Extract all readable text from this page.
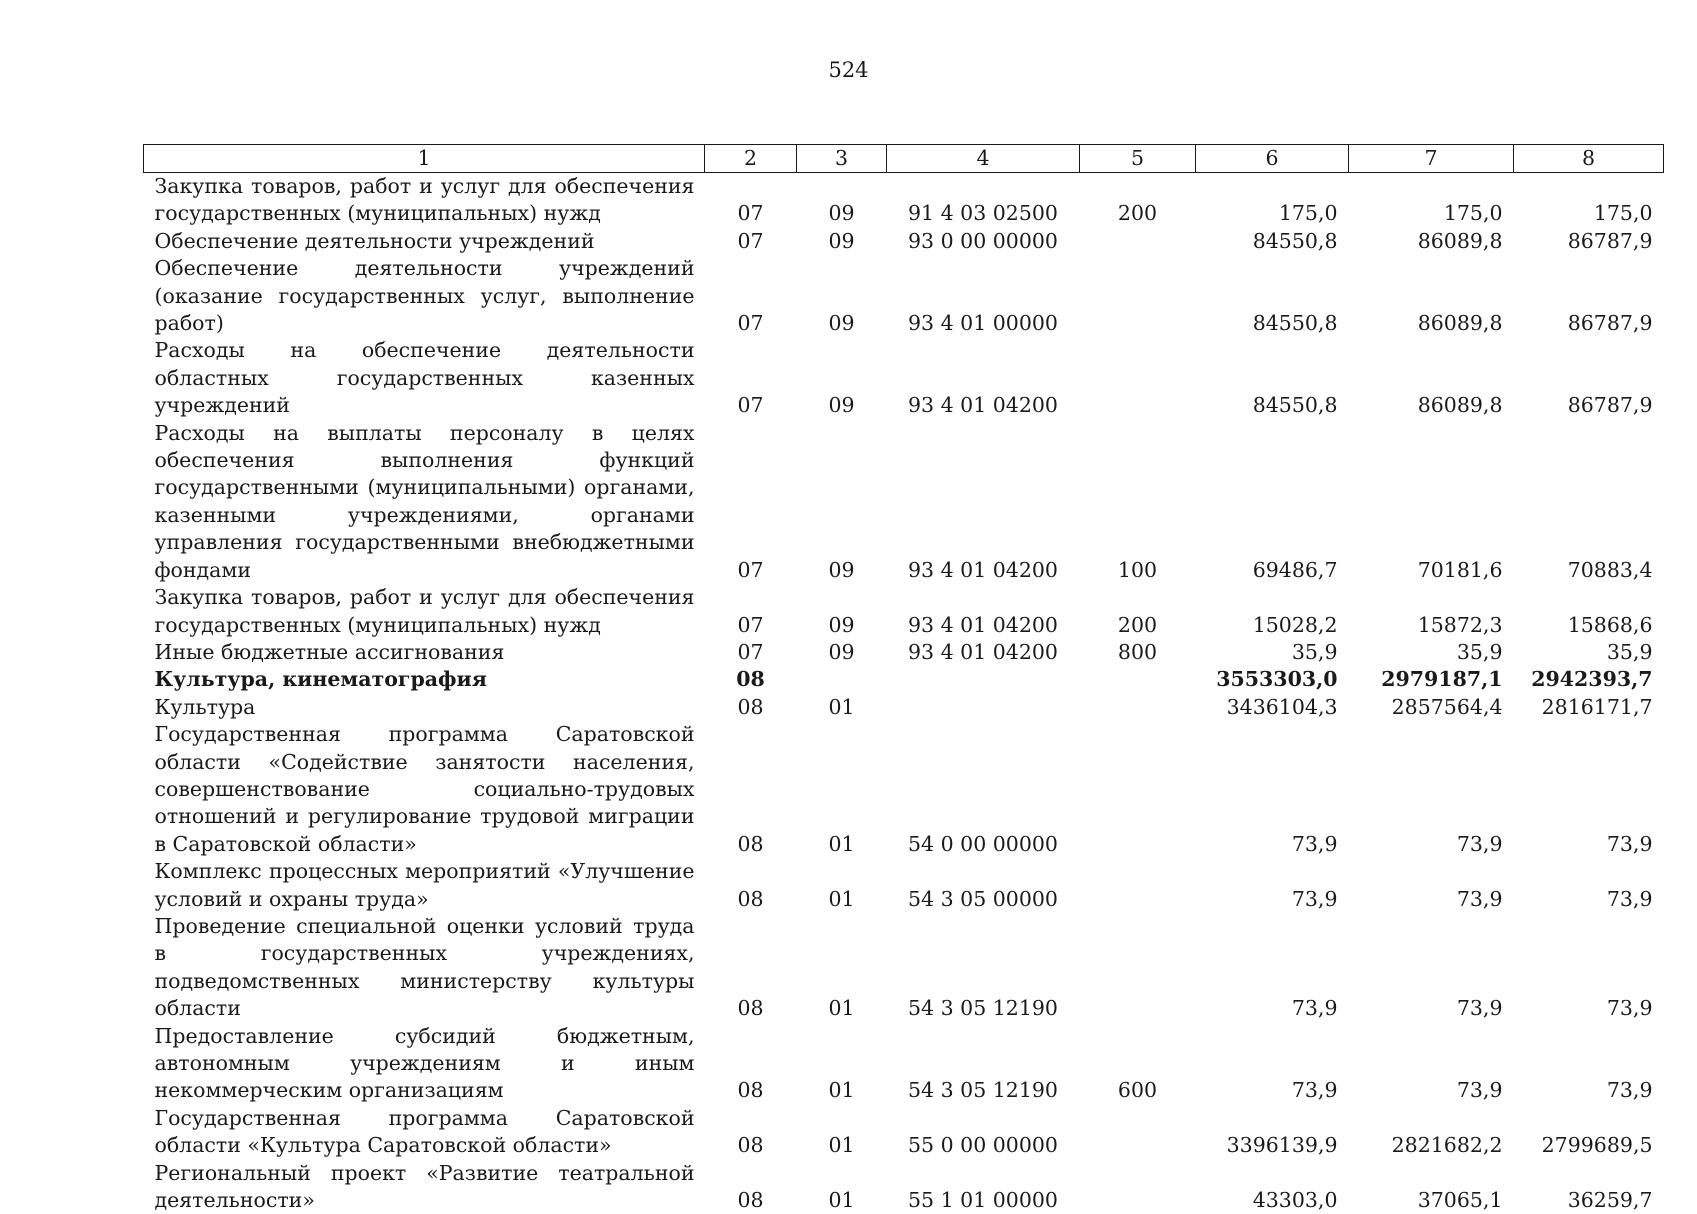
524
1	2	3	4	5	6	7	8
Закупка товаров, работ и услуг для обеспечения государственных (муниципальных) нужд	07	09	91 4 03 02500	200	175,0	175,0	175,0
Обеспечение деятельности учреждений	07	09	93 0 00 00000		84550,8	86089,8	86787,9
Обеспечение деятельности учреждений (оказание государственных услуг, выполнение работ)	07	09	93 4 01 00000		84550,8	86089,8	86787,9
Расходы на обеспечение деятельности областных государственных казенных учреждений	07	09	93 4 01 04200		84550,8	86089,8	86787,9
Расходы на выплаты персоналу в целях обеспечения выполнения функций государственными (муниципальными) органами, казенными учреждениями, органами управления государственными внебюджетными фондами	07	09	93 4 01 04200	100	69486,7	70181,6	70883,4
Закупка товаров, работ и услуг для обеспечения государственных (муниципальных) нужд	07	09	93 4 01 04200	200	15028,2	15872,3	15868,6
Иные бюджетные ассигнования	07	09	93 4 01 04200	800	35,9	35,9	35,9
Культура, кинематография	08				3553303,0	2979187,1	2942393,7
Культура	08	01			3436104,3	2857564,4	2816171,7
Государственная программа Саратовской области «Содействие занятости населения, совершенствование социально-трудовых отношений и регулирование трудовой миграции в Саратовской области»	08	01	54 0 00 00000		73,9	73,9	73,9
Комплекс процессных мероприятий «Улучшение условий и охраны труда»	08	01	54 3 05 00000		73,9	73,9	73,9
Проведение специальной оценки условий труда в государственных учреждениях, подведомственных министерству культуры области	08	01	54 3 05 12190		73,9	73,9	73,9
Предоставление субсидий бюджетным, автономным учреждениям и иным некоммерческим организациям	08	01	54 3 05 12190	600	73,9	73,9	73,9
Государственная программа Саратовской области «Культура Саратовской области»	08	01	55 0 00 00000		3396139,9	2821682,2	2799689,5
Региональный проект «Развитие театральной деятельности»	08	01	55 1 01 00000		43303,0	37065,1	36259,7
